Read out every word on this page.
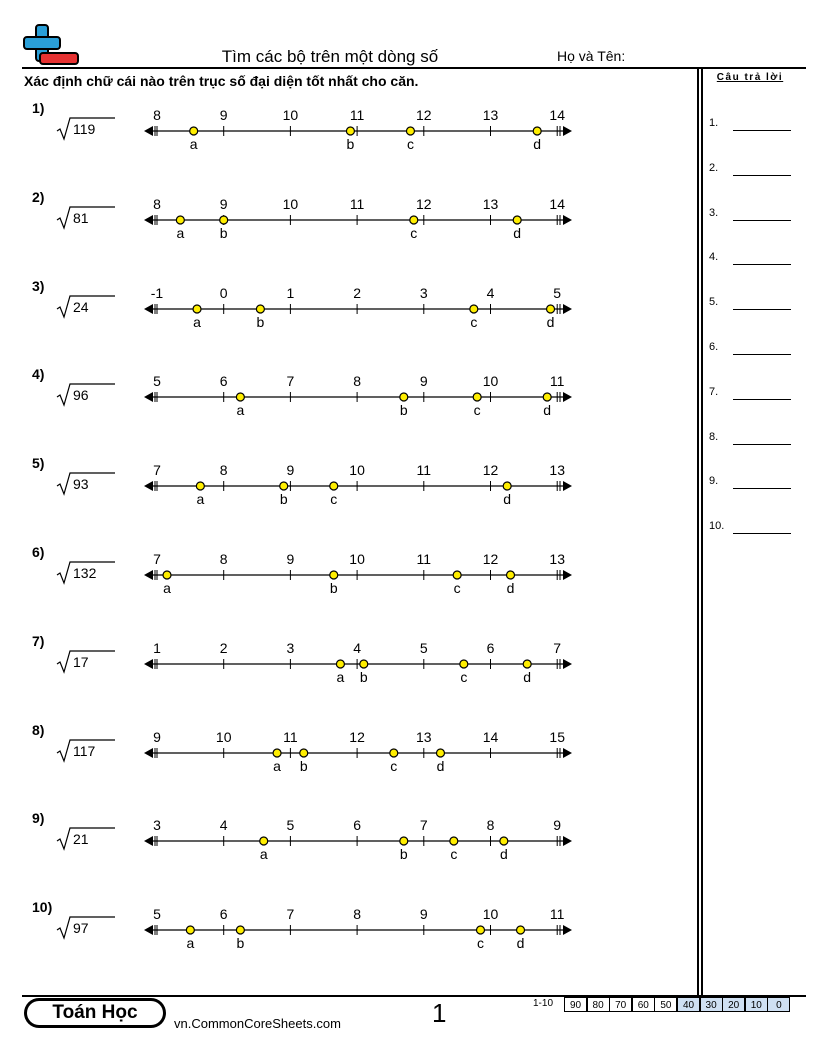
Tìm các bộ trên một dòng số	Họ và Tên:
Xác định chữ cái nào trên trục số đại diện tốt nhất cho căn.	Câu trả lời
1.
2.
3.
4.
5.
6.
7.
8.
9.
10.
1)
119
8	9	10	11	12	13	14
a	b	c	d
2)
81
8	9	10	11	12	13	14
a	b	c	d
3)
24
-1	0	1	2	3	4	5
a	b	c	d
4)
96
5	6	7	8	9	10	11
a	b	c	d
5)
93
7	8	9	10	11	12	13
a	b	c	d
6)
132
7	8	9	10	11	12	13
a	b	c	d
7)
17
1	2	3	4	5	6	7
a b	c	d
8)
117
9	10	11	12	13	14	15
a b	c	d
9)
21
3	4	5	6	7	8	9
a	b	c	d
10)
97
5	6	7	8	9	10	11
a	b	c d
Toán Học
vn.CommonCoreSheets.com	1	1-10	90	80	70	60	50	40	30	20	10	0
